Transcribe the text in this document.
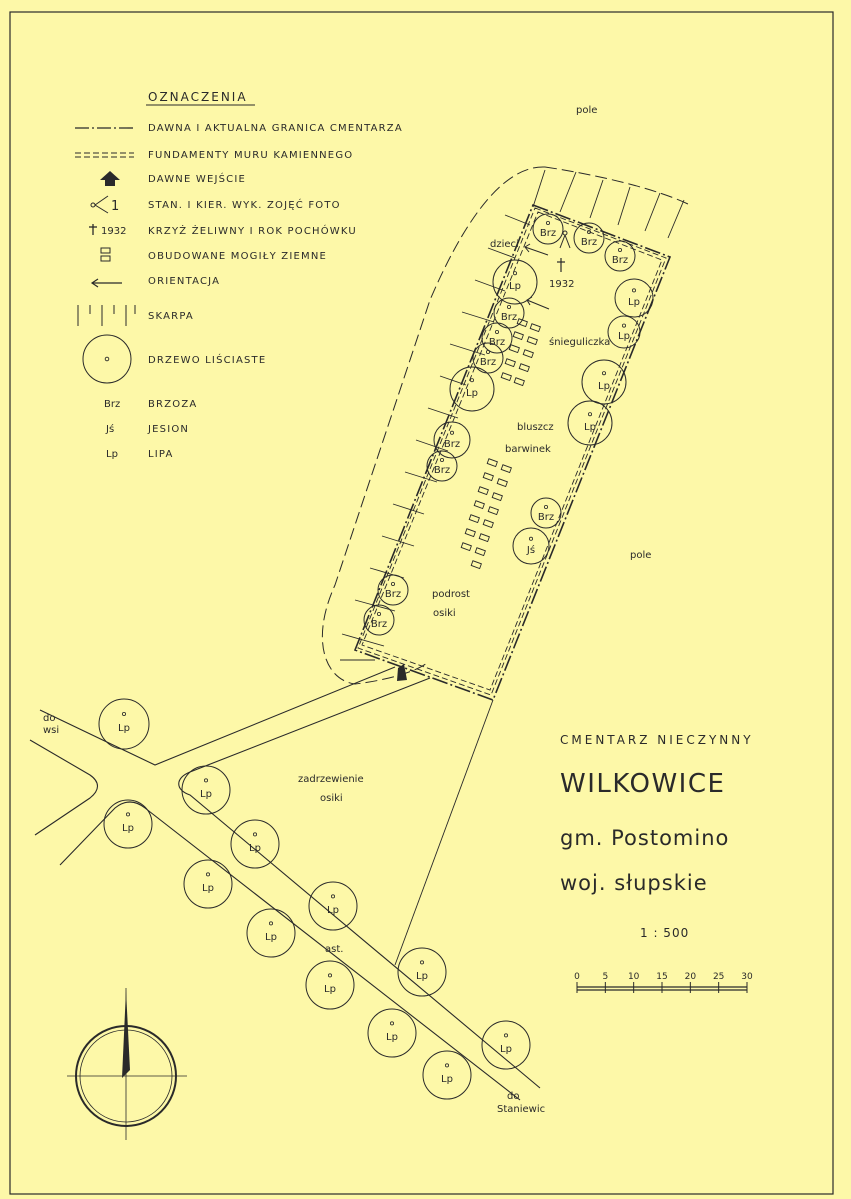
OZNACZENIA
DAWNA I AKTUALNA GRANICA CMENTARZA
FUNDAMENTY MURU KAMIENNEGO
DAWNE WEJŚCIE
1	STAN. I KIER. WYK. ZOJĘĆ FOTO
1932 KRZYŻ ŻELIWNY I ROK POCHÓWKU
OBUDOWANE MOGIŁY ZIEMNE
ORIENTACJA
SKARPA
DRZEWO LIŚCIASTE
Brz	BRZOZA
Jś	JESION
Lp	LIPA
1932
pole
pole
dzieci
śnieguliczka
bluszcz
barwinek
podrost
osiki
do
wsi
zadrzewienie
osiki
ast.
do
Staniewic
Brz
Brz
Brz
Lp
Lp
Lp
Brz
Brz
Brz
Lp
Lp
Lp
Brz
Brz
Brz
Jś
Brz
Brz
Lp
Lp
Lp
Lp
Lp
Lp
Lp
Lp
Lp
Lp
Lp
Lp
CMENTARZ NIECZYNNY
WILKOWICE
gm. Postomino
woj. słupskie
1 : 500
0	5 10 15 20 25 30
